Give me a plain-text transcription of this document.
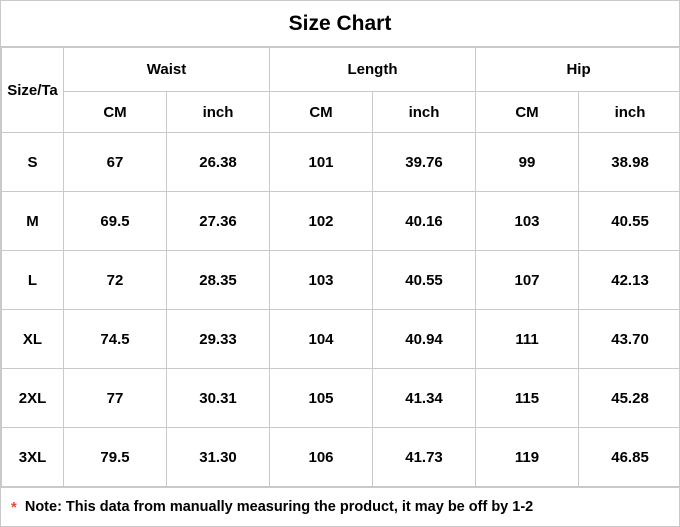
Size Chart
Size/Ta	Waist		Length		Hip	
	CM	inch	CM	inch	CM	inch
S	67	26.38	101	39.76	99	38.98
M	69.5	27.36	102	40.16	103	40.55
L	72	28.35	103	40.55	107	42.13
XL	74.5	29.33	104	40.94	111	43.70
2XL	77	30.31	105	41.34	115	45.28
3XL	79.5	31.30	106	41.73	119	46.85
* Note: This data from manually measuring the product, it may be off by 1-2
